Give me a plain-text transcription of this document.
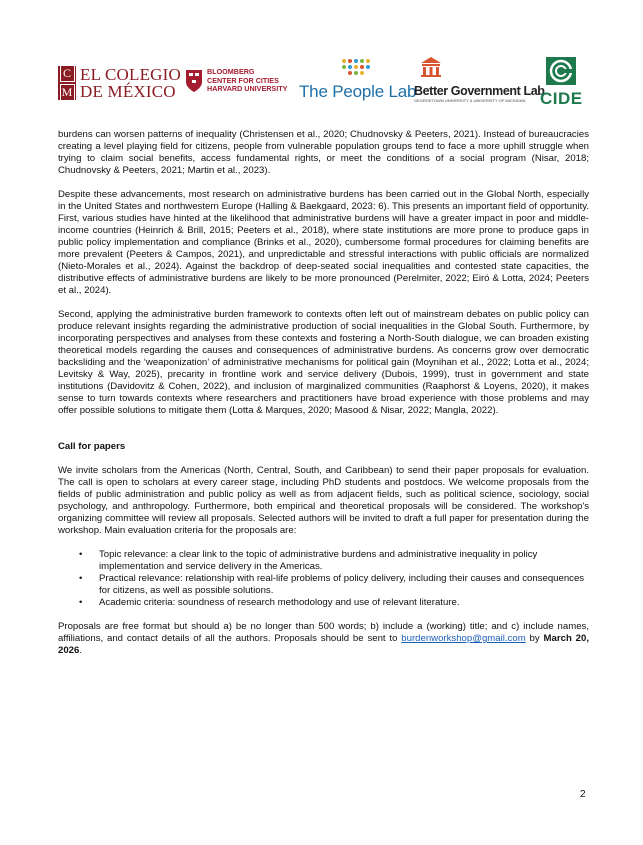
C
M
EL COLEGIO
DE MÉXICO
BLOOMBERG
CENTER FOR CITIES
HARVARD UNIVERSITY The People Lab
Better Government Lab
GEORGETOWN UNIVERSITY & UNIVERSITY OF MICHIGAN CIDE

burdens can worsen patterns of inequality (Christensen et al., 2020; Chudnovsky & Peeters, 2021). Instead of bureaucracies creating a level playing field for citizens, people from vulnerable population groups tend to face a more uphill struggle when trying to claim social benefits, access fundamental rights, or meet the conditions of a social program (Nisar, 2018; Chudnovsky & Peeters, 2021; Martin et al., 2023).

Despite these advancements, most research on administrative burdens has been carried out in the Global North, especially in the United States and northwestern Europe (Halling & Baekgaard, 2023: 6). This presents an important field of opportunity. First, various studies have hinted at the likelihood that administrative burdens will have a greater impact in poor and middle-income countries (Heinrich & Brill, 2015; Peeters et al., 2018), where state institutions are more prone to produce gaps in public policy implementation and compliance (Brinks et al., 2020), cumbersome formal procedures for claiming benefits are more prevalent (Peeters & Campos, 2021), and unpredictable and stressful interactions with public officials are normalized (Nieto-Morales et al., 2024). Against the backdrop of deep-seated social inequalities and contested state capacities, the distributive effects of administrative burdens are likely to be more pronounced (Perelmiter, 2022; Eiró & Lotta, 2024; Peeters et al., 2024).

Second, applying the administrative burden framework to contexts often left out of mainstream debates on public policy can produce relevant insights regarding the administrative production of social inequalities in the Global South. Furthermore, by incorporating perspectives and analyses from these contexts and fostering a North-South dialogue, we can broaden existing theoretical models regarding the causes and consequences of administrative burdens. As concerns grow over democratic backsliding and the ‘weaponization’ of administrative mechanisms for political gain (Moynihan et al., 2022; Lotta et al., 2024; Levitsky & Way, 2025), precarity in frontline work and service delivery (Dubois, 1999), trust in government and state institutions (Davidovitz & Cohen, 2022), and inclusion of marginalized communities (Raaphorst & Loyens, 2020), it makes sense to turn towards contexts where researchers and practitioners have broad experience with those problems and may offer possible solutions to mitigate them (Lotta & Marques, 2020; Masood & Nisar, 2022; Mangla, 2022).

Call for papers

We invite scholars from the Americas (North, Central, South, and Caribbean) to send their paper proposals for evaluation. The call is open to scholars at every career stage, including PhD students and postdocs. We welcome proposals from the fields of public administration and public policy as well as from adjacent fields, such as political science, sociology, social psychology, and anthropology. Furthermore, both empirical and theoretical proposals will be considered. The workshop's organizing committee will review all proposals. Selected authors will be invited to draft a full paper for presentation during the workshop. Main evaluation criteria for the proposals are:

• Topic relevance: a clear link to the topic of administrative burdens and administrative inequality in policy implementation and service delivery in the Americas.
• Practical relevance: relationship with real-life problems of policy delivery, including their causes and consequences for citizens, as well as possible solutions.
• Academic criteria: soundness of research methodology and use of relevant literature.

Proposals are free format but should a) be no longer than 500 words; b) include a (working) title; and c) include names, affiliations, and contact details of all the authors. Proposals should be sent to burdenworkshop@gmail.com by March 20, 2026.

2
